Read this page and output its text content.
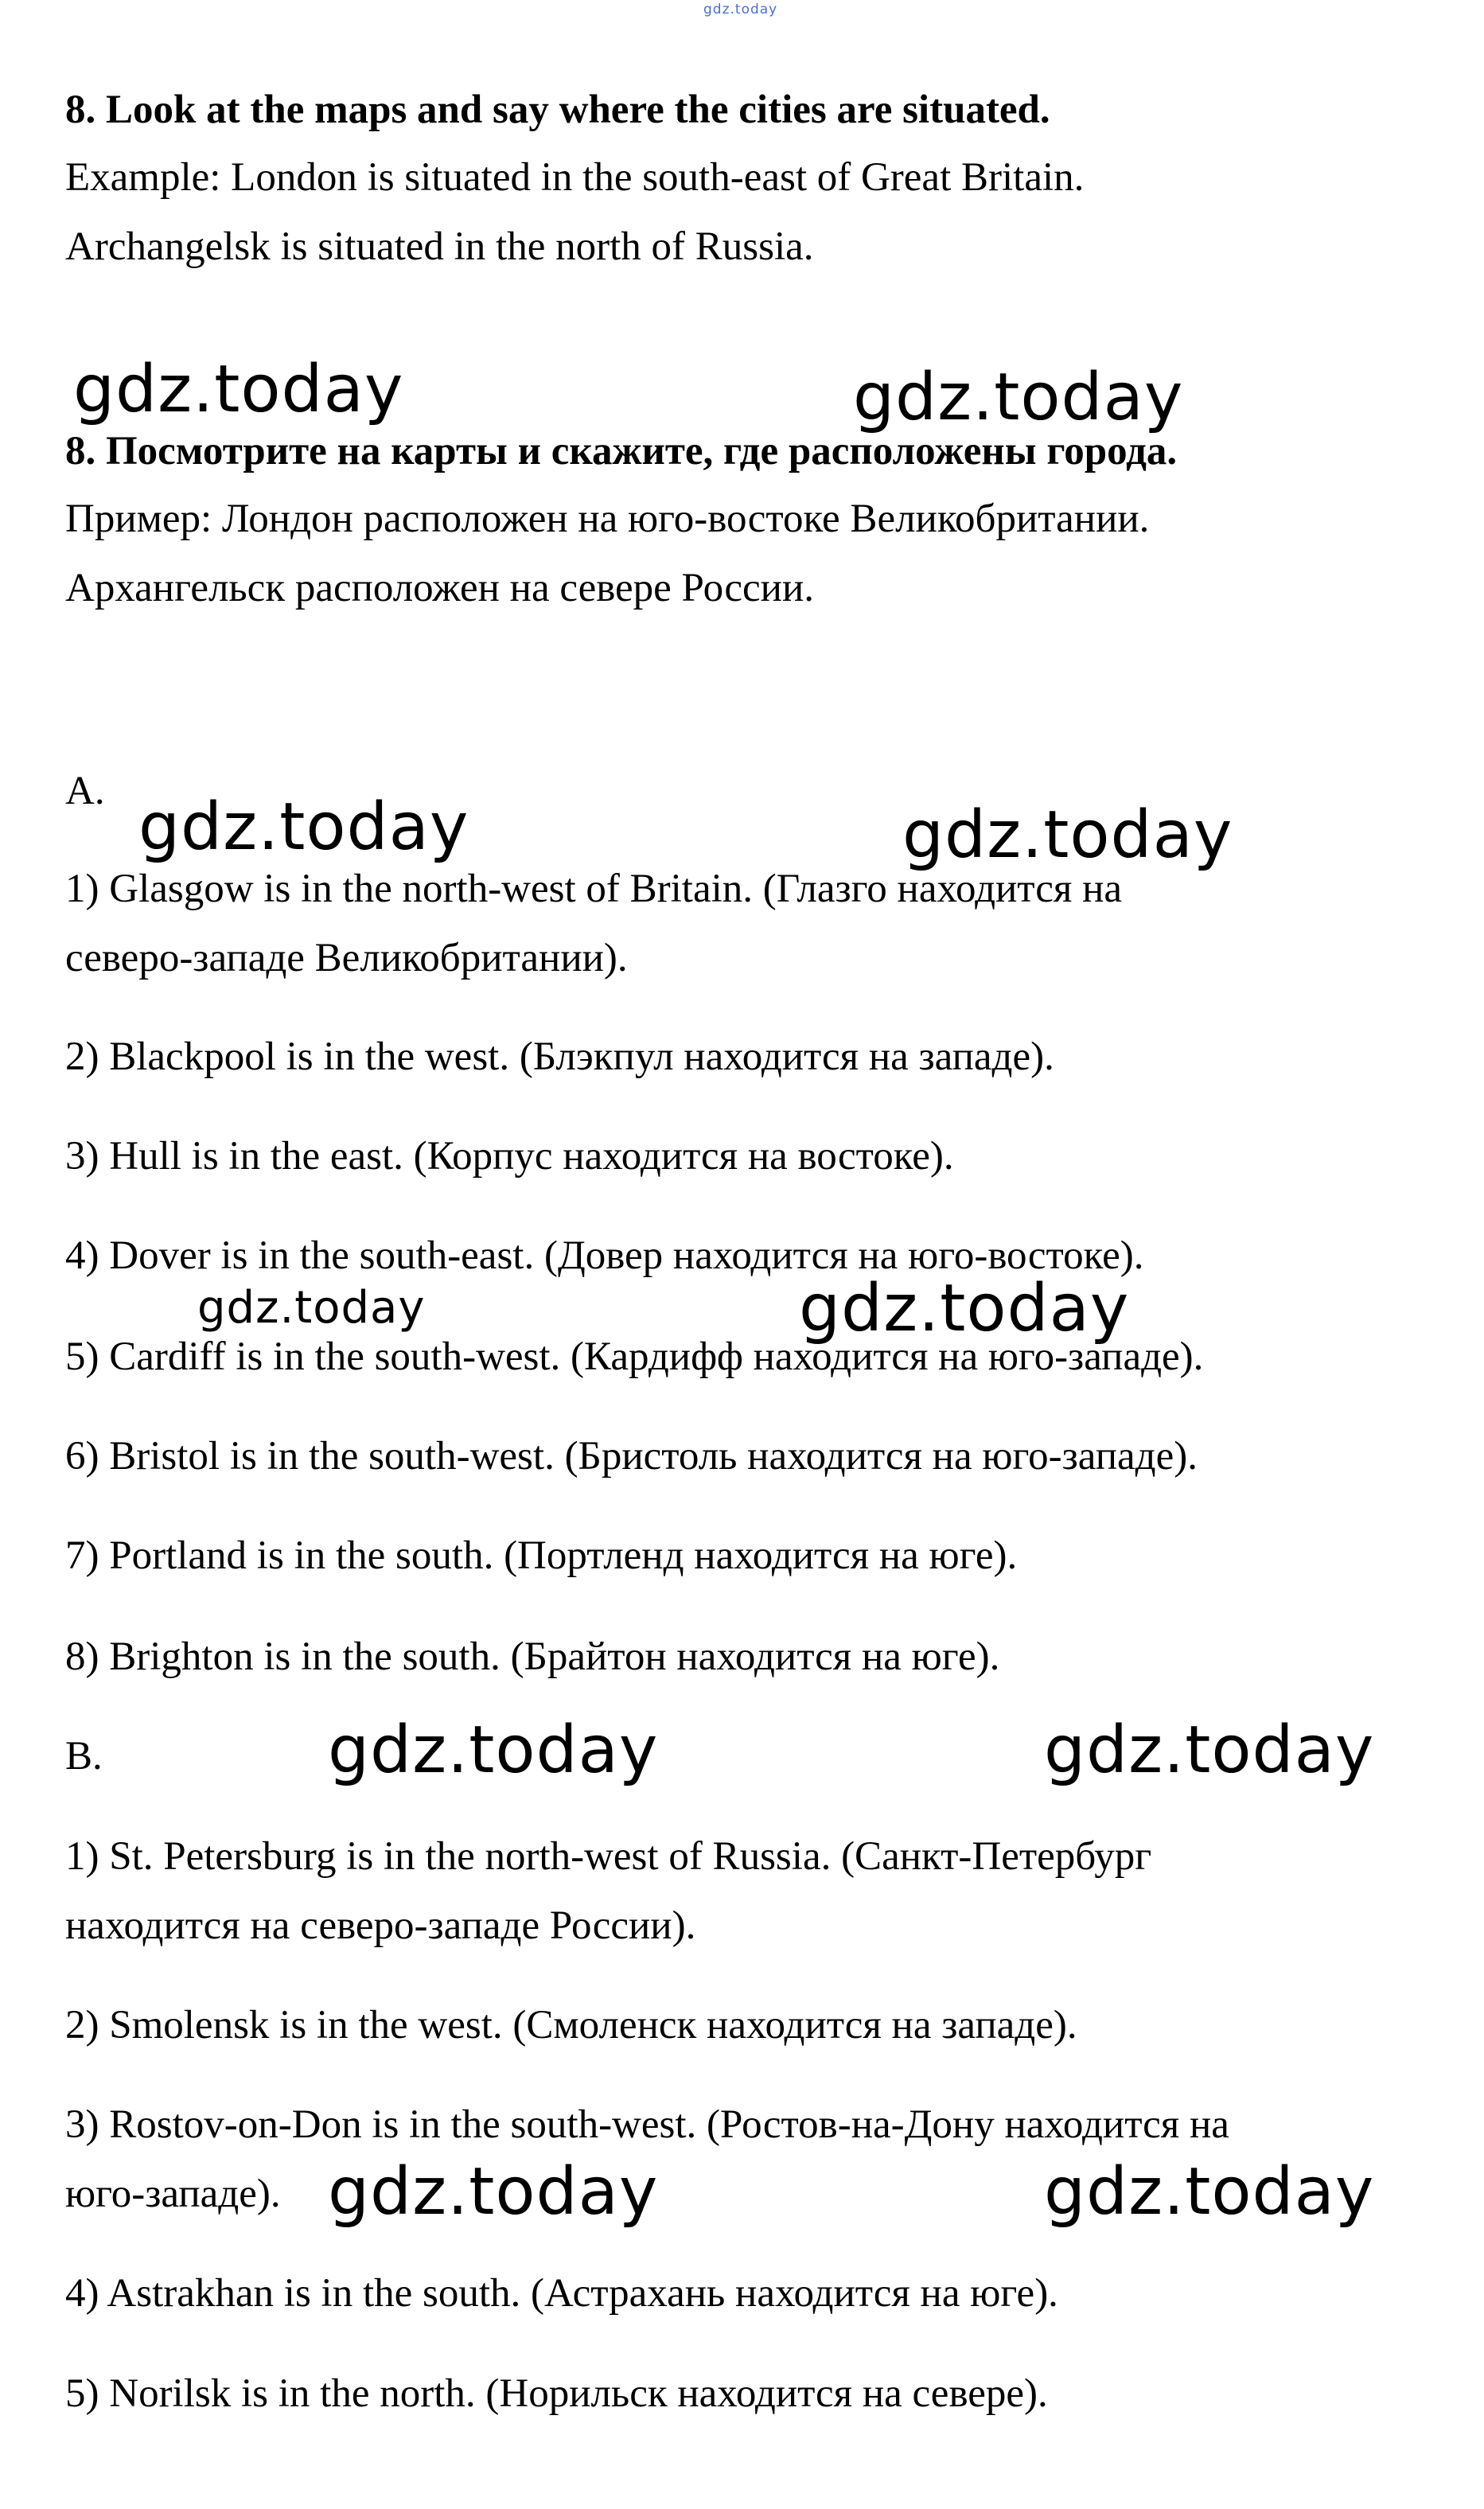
gdz.today
gdz.today	gdz.today
gdz.today	gdz.today
gdz.today	gdz.today
gdz.today	gdz.today
gdz.today	gdz.today

8. Look at the maps and say where the cities are situated.

Example: London is situated in the south-east of Great Britain.

Archangelsk is situated in the north of Russia.

8. Посмотрите на карты и скажите, где расположены города.

Пример: Лондон расположен на юго-востоке Великобритании.

Архангельск расположен на севере России.

A.

1) Glasgow is in the north-west of Britain. (Глазго находится на

северо-западе Великобритании).

2) Blackpool is in the west. (Блэкпул находится на западе).

3) Hull is in the east. (Корпус находится на востоке).

4) Dover is in the south-east. (Довер находится на юго-востоке).

5) Cardiff is in the south-west. (Кардифф находится на юго-западе).

6) Bristol is in the south-west. (Бристоль находится на юго-западе).

7) Portland is in the south. (Портленд находится на юге).

8) Brighton is in the south. (Брайтон находится на юге).

B.

1) St. Petersburg is in the north-west of Russia. (Санкт-Петербург

находится на северо-западе России).

2) Smolensk is in the west. (Смоленск находится на западе).

3) Rostov-on-Don is in the south-west. (Ростов-на-Дону находится на

юго-западе).

4) Astrakhan is in the south. (Астрахань находится на юге).

5) Norilsk is in the north. (Норильск находится на севере).
